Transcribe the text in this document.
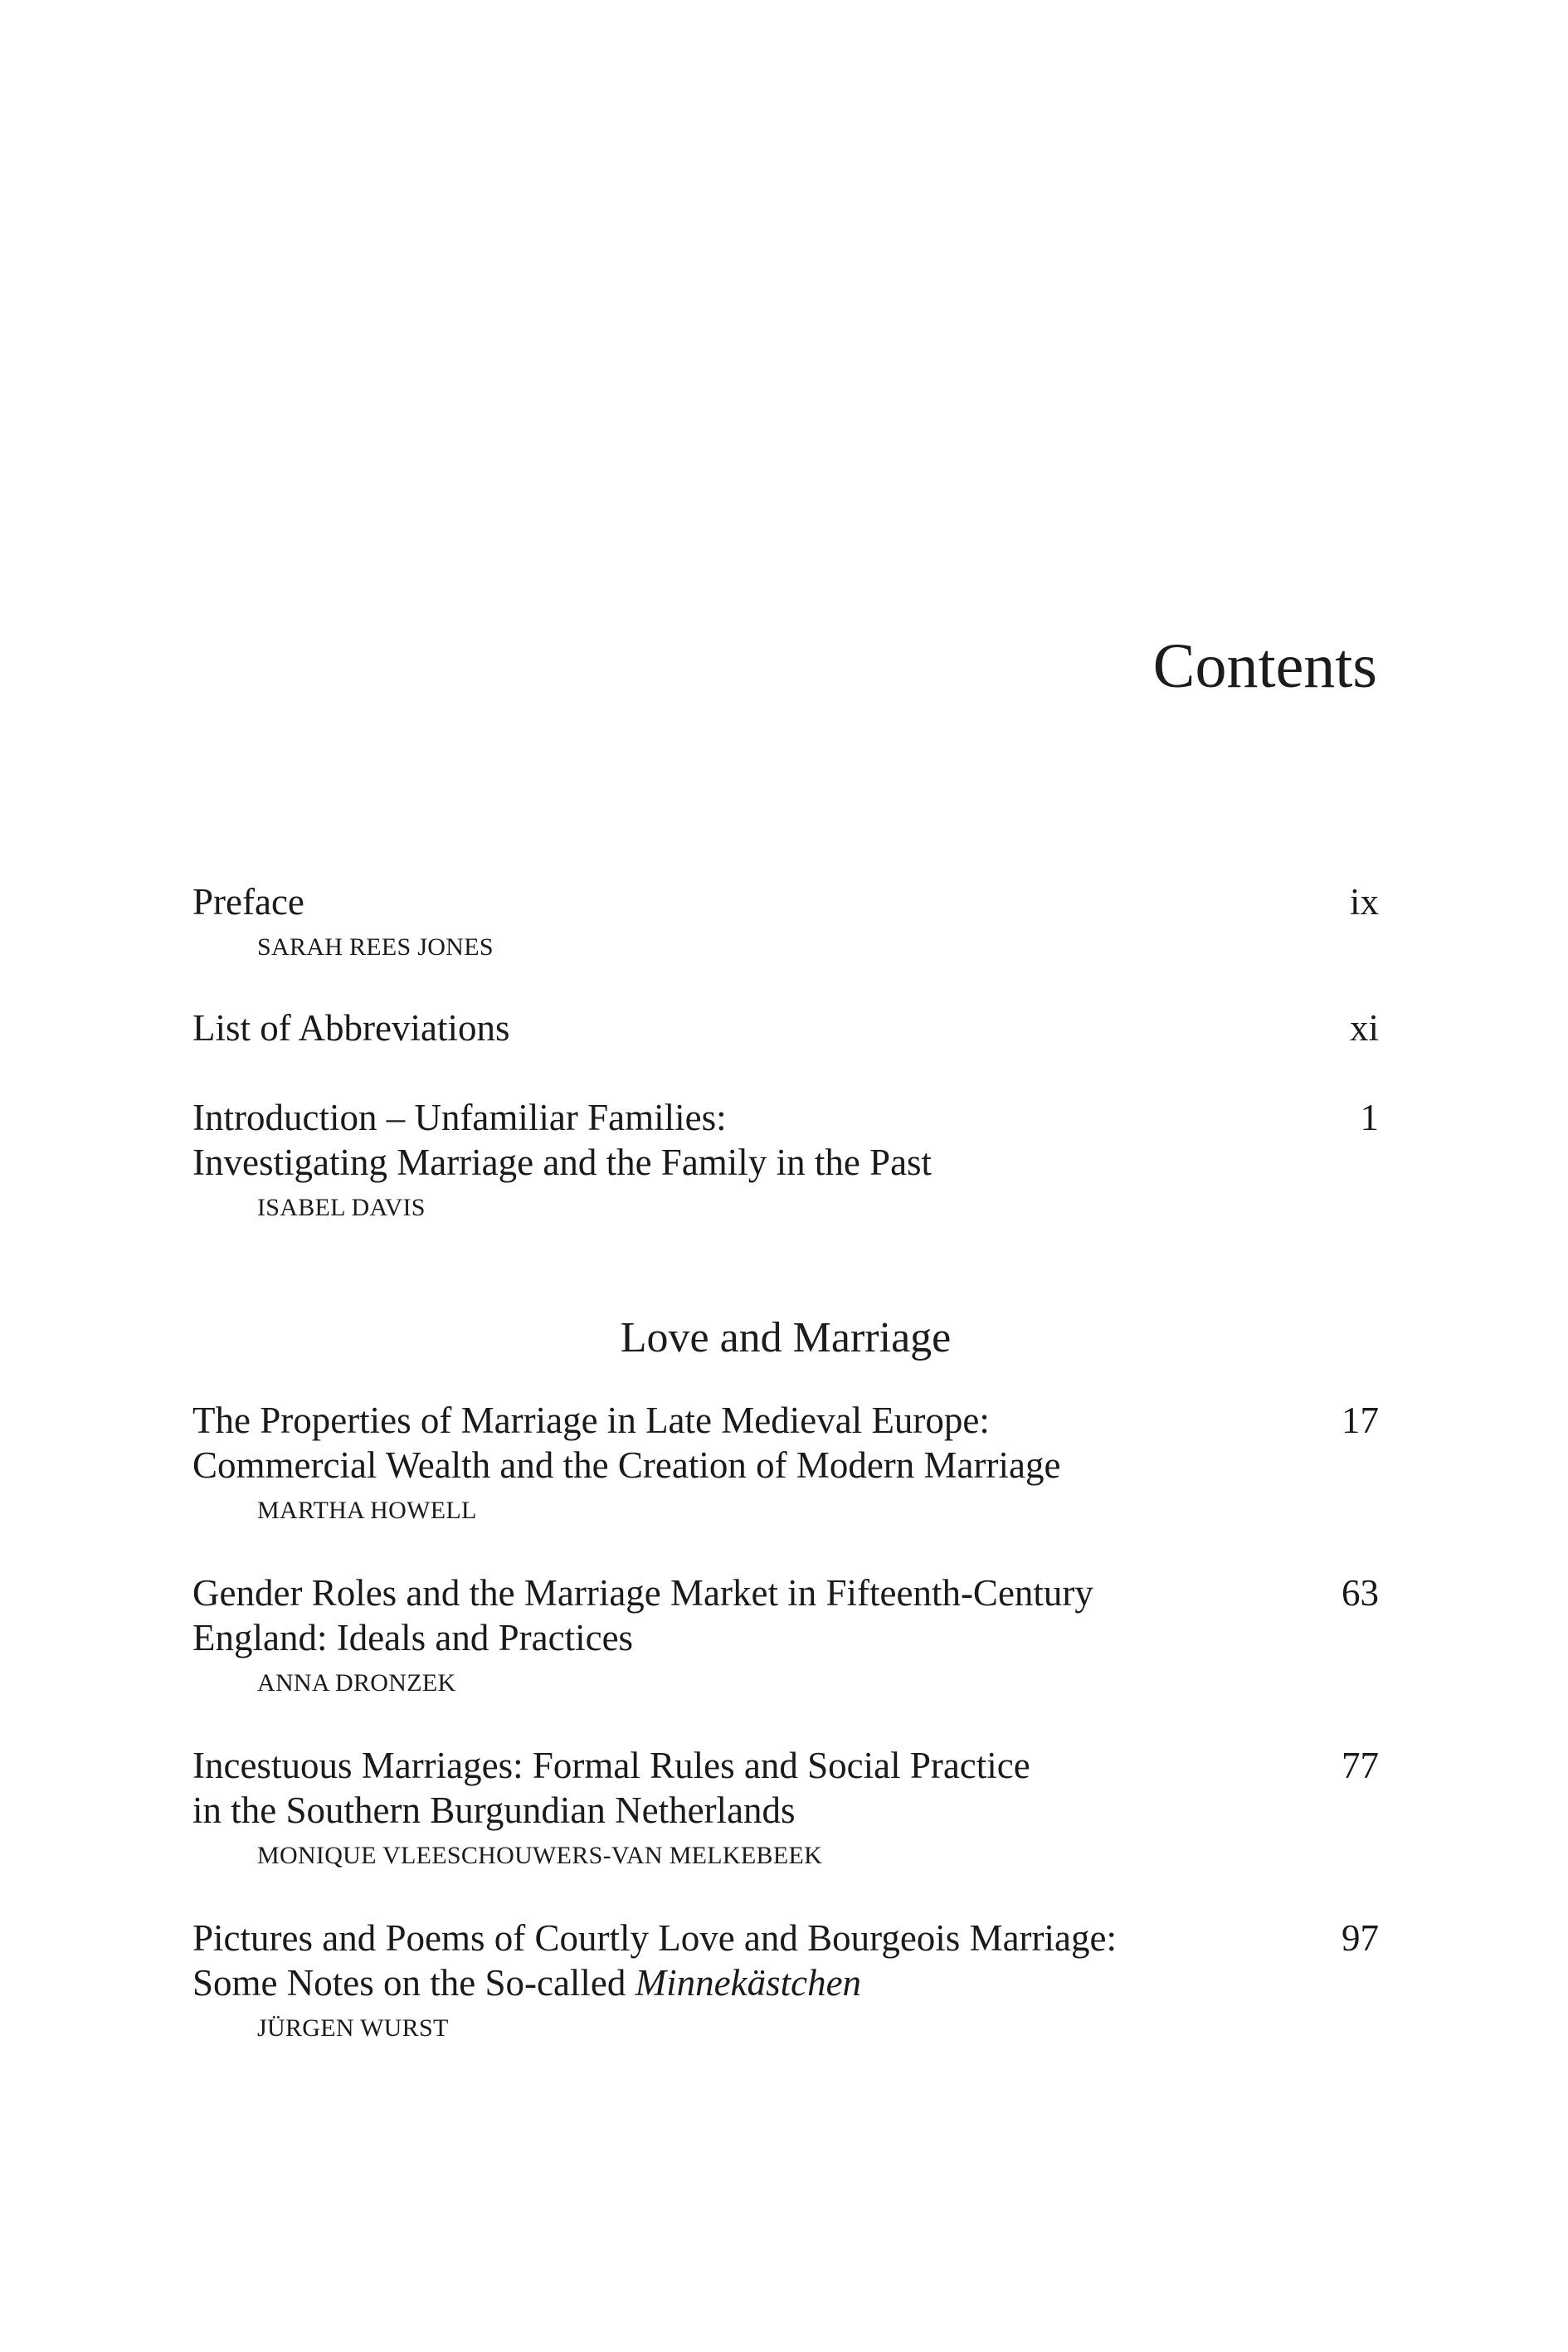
Contents
Preface
SARAH REES JONES
ix
List of Abbreviations	xi
Introduction – Unfamiliar Families:
Investigating Marriage and the Family in the Past
ISABEL DAVIS
1
Love and Marriage
The Properties of Marriage in Late Medieval Europe:
Commercial Wealth and the Creation of Modern Marriage
MARTHA HOWELL
17
Gender Roles and the Marriage Market in Fifteenth-Century
England: Ideals and Practices
ANNA DRONZEK
63
Incestuous Marriages: Formal Rules and Social Practice
in the Southern Burgundian Netherlands
MONIQUE VLEESCHOUWERS-VAN MELKEBEEK
77
Pictures and Poems of Courtly Love and Bourgeois Marriage:
Some Notes on the So-called Minnekästchen
JÜRGEN WURST
97
